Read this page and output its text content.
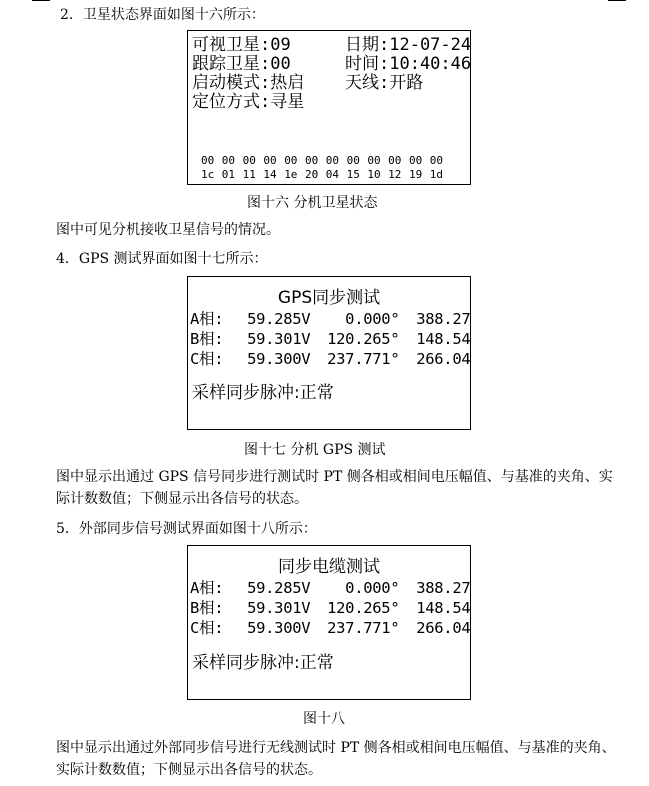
2．卫星状态界面如图十六所示：
可视卫星:09	日期:12-07-24
跟踪卫星:00	时间:10:40:46
启动模式:热启 天线:开路
定位方式:寻星
00 00 00 00 00 00 00 00 00 00 00 00
1c 01 11 14 1e 20 04 15 10 12 19 1d
图十六 分机卫星状态
图中可见分机接收卫星信号的情况。
4．GPS 测试界面如图十七所示：
GPS同步测试
A相: 59.285V 0.000° 388.27
B相: 59.301V 120.265° 148.54
C相: 59.300V 237.771° 266.04
采样同步脉冲:正常
图十七 分机 GPS 测试
图中显示出通过 GPS 信号同步进行测试时 PT 侧各相或相间电压幅值、与基准的夹角、实际计数数值；下侧显示出各信号的状态。
5．外部同步信号测试界面如图十八所示：
同步电缆测试
A相: 59.285V 0.000° 388.27
B相: 59.301V 120.265° 148.54
C相: 59.300V 237.771° 266.04
采样同步脉冲:正常
图十八
图中显示出通过外部同步信号进行无线测试时 PT 侧各相或相间电压幅值、与基准的夹角、实际计数数值；下侧显示出各信号的状态。
